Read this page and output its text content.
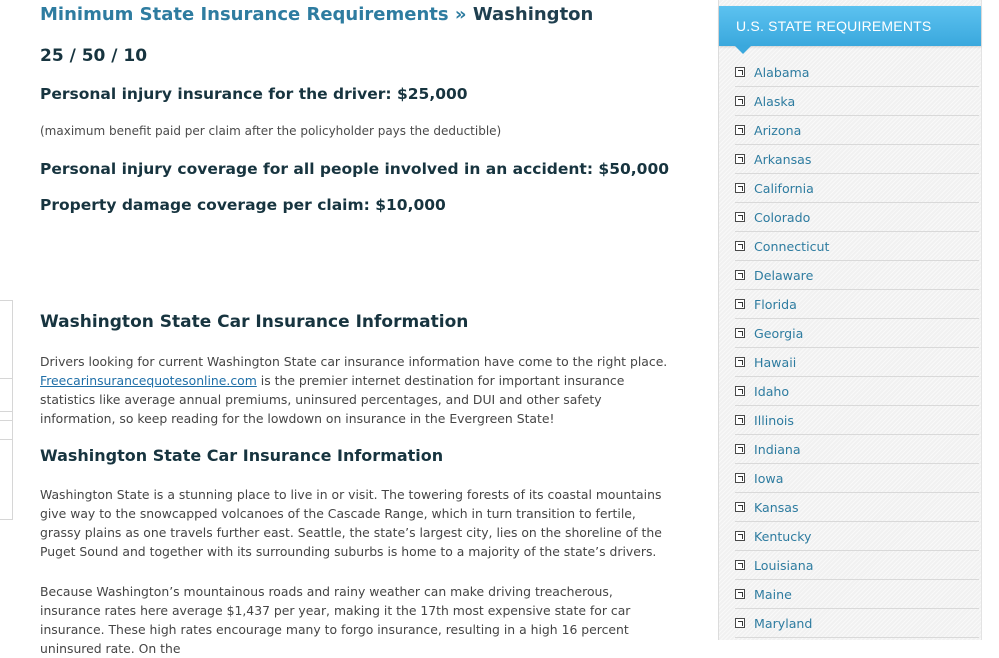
Minimum State Insurance Requirements » Washington
25 / 50 / 10
Personal injury insurance for the driver: $25,000
(maximum benefit paid per claim after the policyholder pays the deductible)
Personal injury coverage for all people involved in an accident: $50,000
Property damage coverage per claim: $10,000
Washington State Car Insurance Information
Drivers looking for current Washington State car insurance information have come to the right place.
Freecarinsurancequotesonline.com is the premier internet destination for important insurance statistics like average annual premiums, uninsured percentages, and DUI and other safety information, so keep reading for the lowdown on insurance in the Evergreen State!
Washington State Car Insurance Information
Washington State is a stunning place to live in or visit. The towering forests of its coastal mountains give way to the snowcapped volcanoes of the Cascade Range, which in turn transition to fertile, grassy plains as one travels further east. Seattle, the state’s largest city, lies on the shoreline of the Puget Sound and together with its surrounding suburbs is home to a majority of the state’s drivers.
Because Washington’s mountainous roads and rainy weather can make driving treacherous, insurance rates here average $1,437 per year, making it the 17th most expensive state for car insurance. These high rates encourage many to forgo insurance, resulting in a high 16 percent uninsured rate. On the
U.S. STATE REQUIREMENTS
Alabama
Alaska
Arizona
Arkansas
California
Colorado
Connecticut
Delaware
Florida
Georgia
Hawaii
Idaho
Illinois
Indiana
Iowa
Kansas
Kentucky
Louisiana
Maine
Maryland
